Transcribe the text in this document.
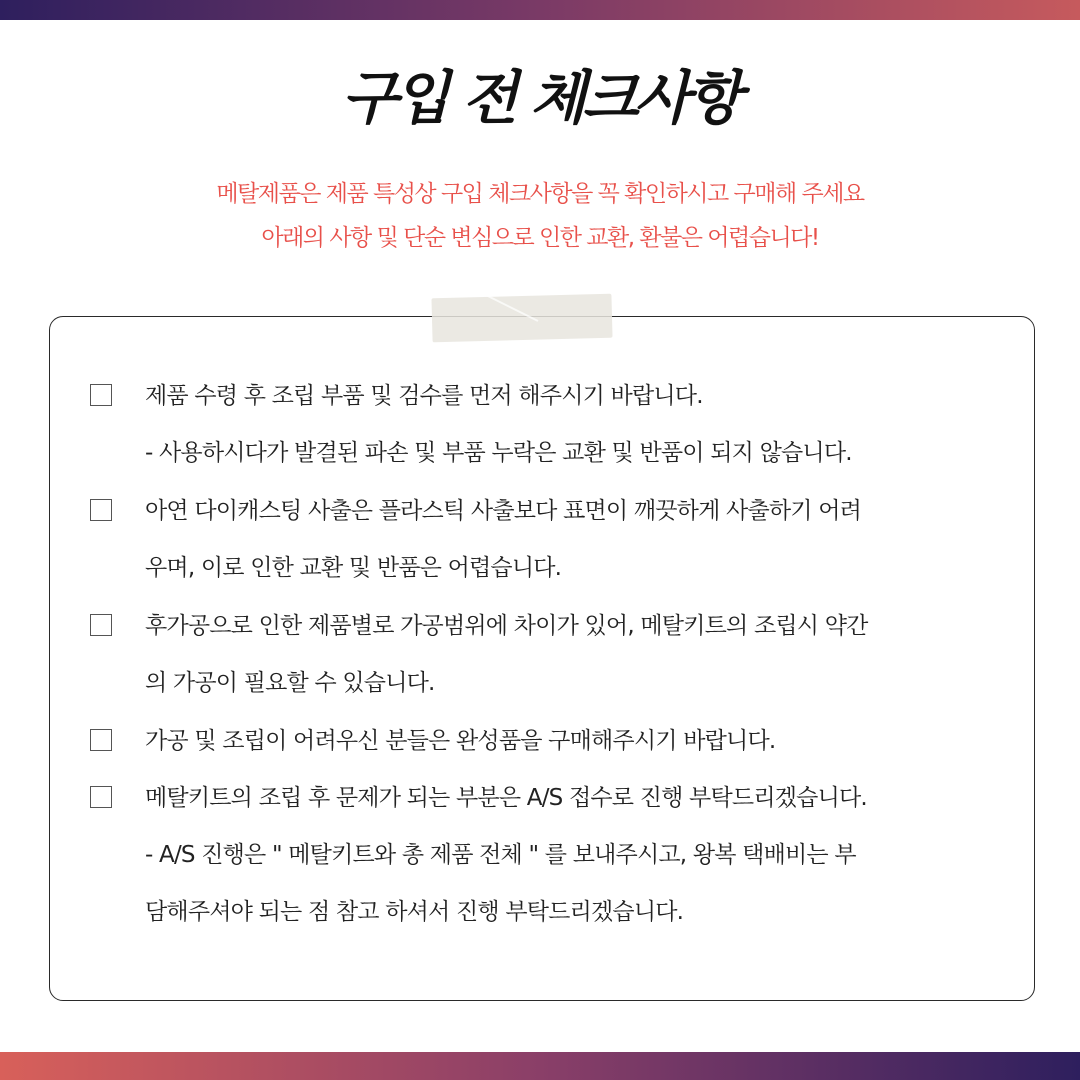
구입 전 체크사항
메탈제품은 제품 특성상 구입 체크사항을 꼭 확인하시고 구매해 주세요
아래의 사항 및 단순 변심으로 인한 교환, 환불은 어렵습니다!
제품 수령 후 조립 부품 및 검수를 먼저 해주시기 바랍니다.
- 사용하시다가 발결된 파손 및 부품 누락은 교환 및 반품이 되지 않습니다.
아연 다이캐스팅 사출은 플라스틱 사출보다 표면이 깨끗하게 사출하기 어려
우며, 이로 인한 교환 및 반품은 어렵습니다.
후가공으로 인한 제품별로 가공범위에 차이가 있어, 메탈키트의 조립시 약간
의 가공이 필요할 수 있습니다.
가공 및 조립이 어려우신 분들은 완성품을 구매해주시기 바랍니다.
메탈키트의 조립 후 문제가 되는 부분은 A/S 접수로 진행 부탁드리겠습니다.
- A/S 진행은 " 메탈키트와 총 제품 전체 " 를 보내주시고, 왕복 택배비는 부
담해주셔야 되는 점 참고 하셔서 진행 부탁드리겠습니다.
